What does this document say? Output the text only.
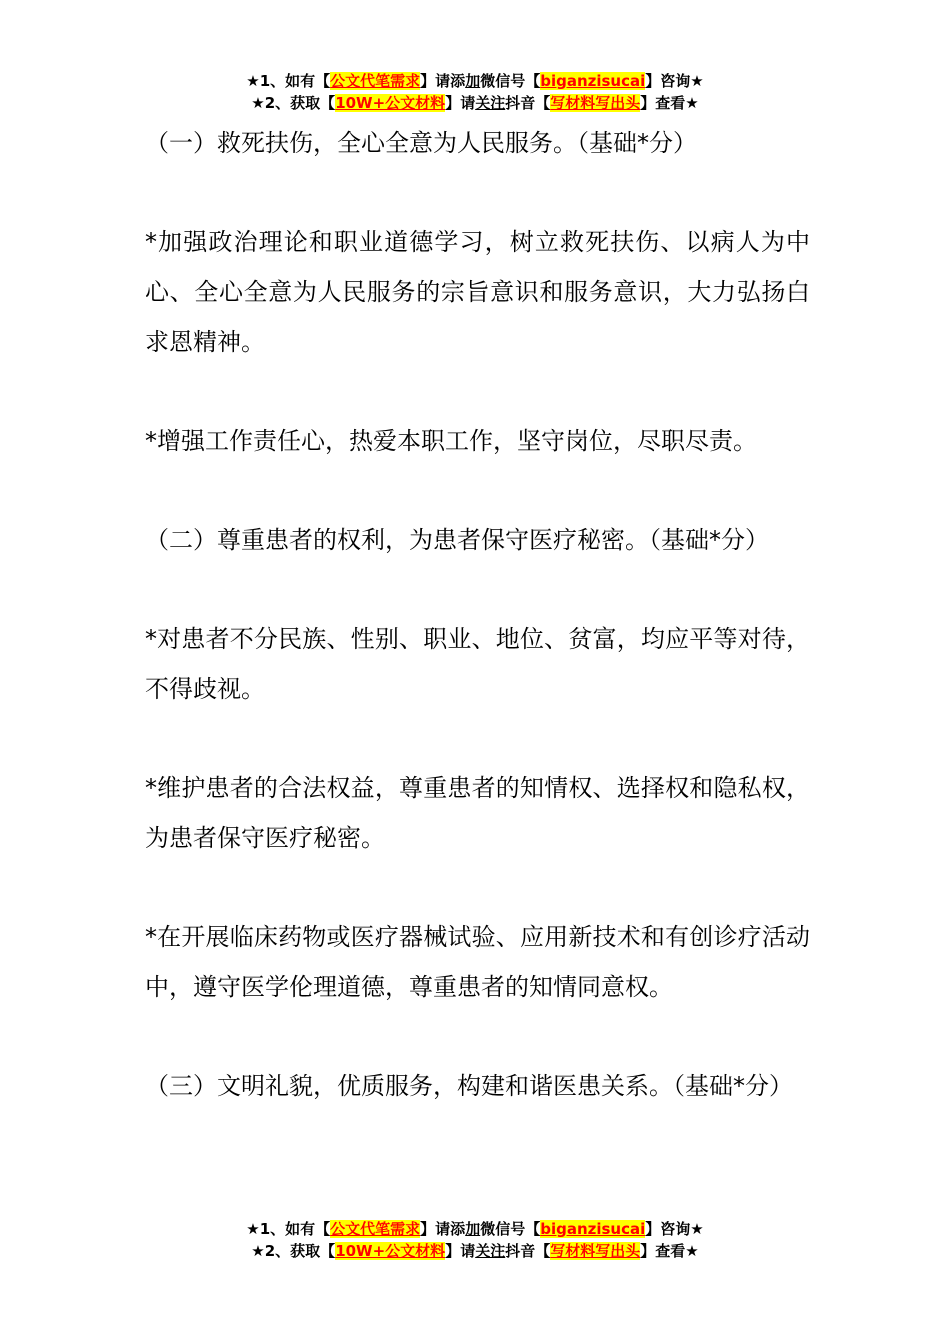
★1、如有【公文代笔需求】请添加微信号【biganzisucai】咨询★
★2、获取【10W+公文材料】请关注抖音【写材料写出头】查看★

（一）救死扶伤，全心全意为人民服务。（基础*分）

*加强政治理论和职业道德学习，树立救死扶伤、以病人为中心、全心全意为人民服务的宗旨意识和服务意识，大力弘扬白求恩精神。

*增强工作责任心，热爱本职工作，坚守岗位，尽职尽责。

（二）尊重患者的权利，为患者保守医疗秘密。（基础*分）

*对患者不分民族、性别、职业、地位、贫富，均应平等对待，不得歧视。

*维护患者的合法权益，尊重患者的知情权、选择权和隐私权，为患者保守医疗秘密。

*在开展临床药物或医疗器械试验、应用新技术和有创诊疗活动中，遵守医学伦理道德，尊重患者的知情同意权。

（三）文明礼貌，优质服务，构建和谐医患关系。（基础*分）

★1、如有【公文代笔需求】请添加微信号【biganzisucai】咨询★
★2、获取【10W+公文材料】请关注抖音【写材料写出头】查看★
